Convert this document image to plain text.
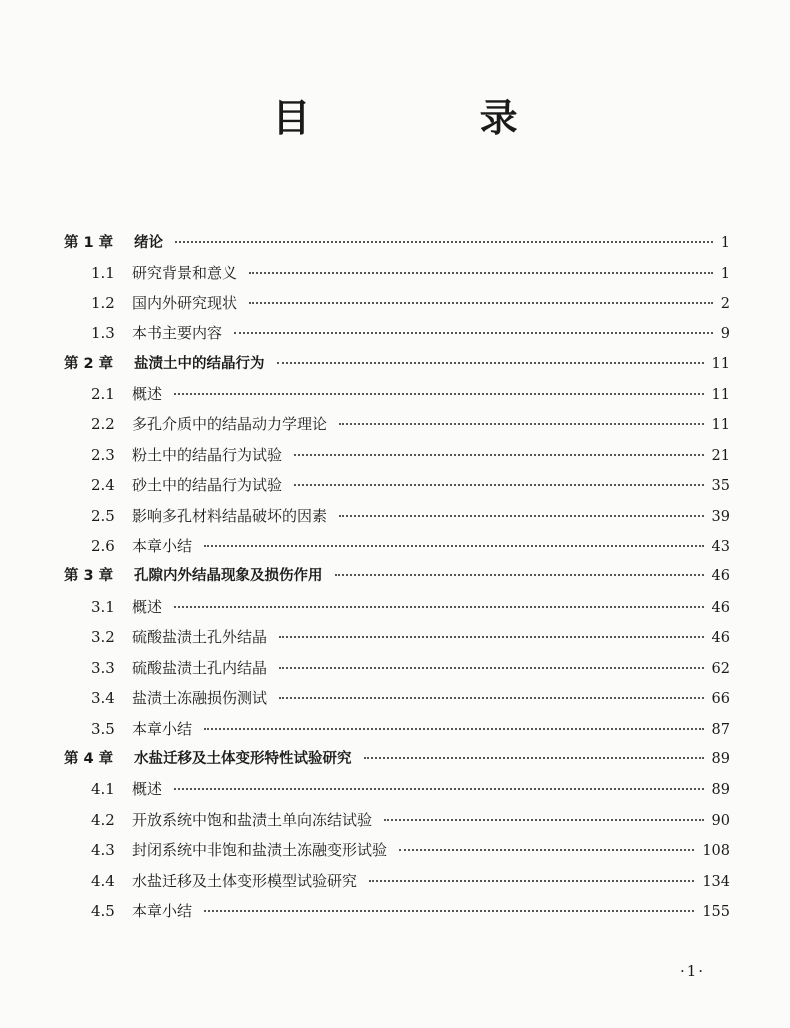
目 录
第 1 章	绪论	1
1.1	研究背景和意义	1
1.2	国内外研究现状	2
1.3	本书主要内容	9
第 2 章	盐渍土中的结晶行为	11
2.1	概述	11
2.2	多孔介质中的结晶动力学理论	11
2.3	粉土中的结晶行为试验	21
2.4	砂土中的结晶行为试验	35
2.5	影响多孔材料结晶破坏的因素	39
2.6	本章小结	43
第 3 章	孔隙内外结晶现象及损伤作用	46
3.1	概述	46
3.2	硫酸盐渍土孔外结晶	46
3.3	硫酸盐渍土孔内结晶	62
3.4	盐渍土冻融损伤测试	66
3.5	本章小结	87
第 4 章	水盐迁移及土体变形特性试验研究	89
4.1	概述	89
4.2	开放系统中饱和盐渍土单向冻结试验	90
4.3	封闭系统中非饱和盐渍土冻融变形试验	108
4.4	水盐迁移及土体变形模型试验研究	134
4.5	本章小结	155
·1·
